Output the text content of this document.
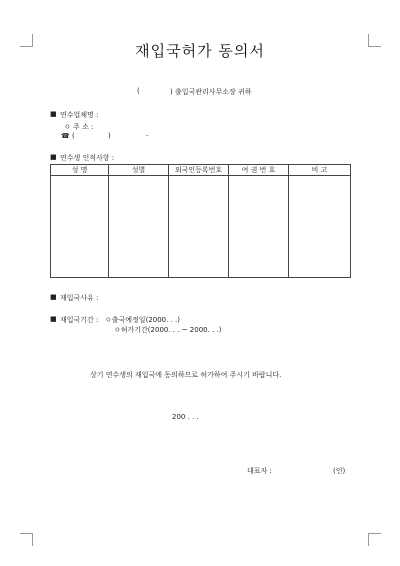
재입국허가 동의서
(	) 출입국관리사무소장 귀하
■ 연수업체명 :
ㅇ 주 소 :
☎ (	)	-
■ 연수생 인적사항 :
성 명	성별	외국인등록번호	여 권 번 호	비 고

■ 재입국사유 :
■ 재입국기간 : ㅇ출국예정일(2000. . .)
ㅇ허가기간(2000. . . ~ 2000. . .)
상기 연수생의 재입국에 동의하므로 허가하여 주시기 바랍니다.
200 . . .
대표자 :	(인)
